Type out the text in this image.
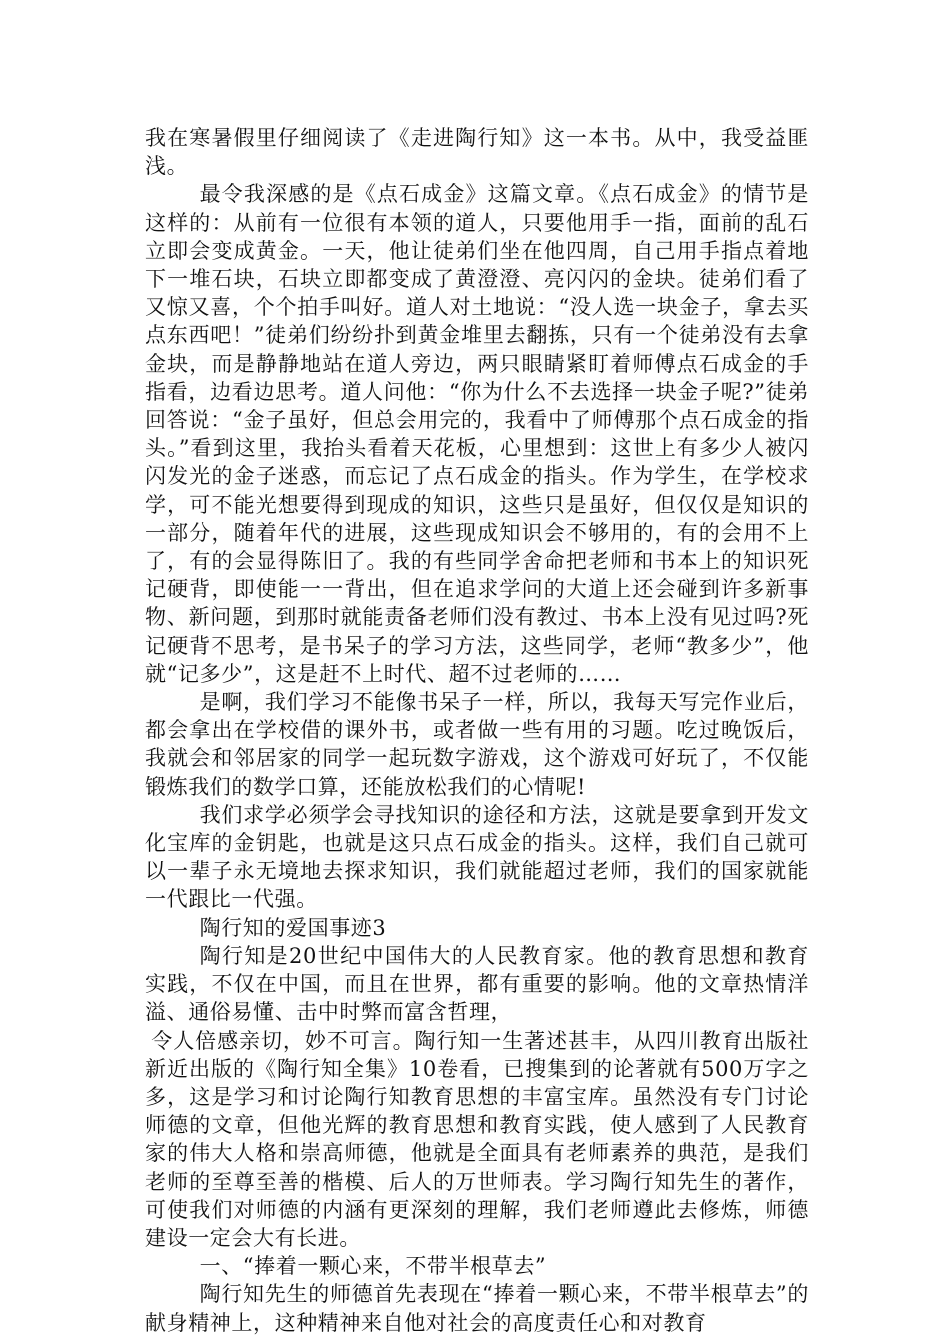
我在寒暑假里仔细阅读了《走进陶行知》这一本书。从中，我受益匪浅。

最令我深感的是《点石成金》这篇文章。《点石成金》的情节是这样的：从前有一位很有本领的道人，只要他用手一指，面前的乱石立即会变成黄金。一天，他让徒弟们坐在他四周，自己用手指点着地下一堆石块，石块立即都变成了黄澄澄、亮闪闪的金块。徒弟们看了又惊又喜，个个拍手叫好。道人对土地说：“没人选一块金子，拿去买点东西吧！”徒弟们纷纷扑到黄金堆里去翻拣，只有一个徒弟没有去拿金块，而是静静地站在道人旁边，两只眼睛紧盯着师傅点石成金的手指看，边看边思考。道人问他：“你为什么不去选择一块金子呢?”徒弟回答说：“金子虽好，但总会用完的，我看中了师傅那个点石成金的指头。”看到这里，我抬头看着天花板，心里想到：这世上有多少人被闪闪发光的金子迷惑，而忘记了点石成金的指头。作为学生，在学校求学，可不能光想要得到现成的知识，这些只是虽好，但仅仅是知识的一部分，随着年代的进展，这些现成知识会不够用的，有的会用不上了，有的会显得陈旧了。我的有些同学舍命把老师和书本上的知识死记硬背，即使能一一背出，但在追求学问的大道上还会碰到许多新事物、新问题，到那时就能责备老师们没有教过、书本上没有见过吗?死记硬背不思考，是书呆子的学习方法，这些同学，老师“教多少”，他就“记多少”，这是赶不上时代、超不过老师的……

是啊，我们学习不能像书呆子一样，所以，我每天写完作业后，都会拿出在学校借的课外书，或者做一些有用的习题。吃过晚饭后，我就会和邻居家的同学一起玩数字游戏，这个游戏可好玩了，不仅能锻炼我们的数学口算，还能放松我们的心情呢!

我们求学必须学会寻找知识的途径和方法，这就是要拿到开发文化宝库的金钥匙，也就是这只点石成金的指头。这样，我们自己就可以一辈子永无境地去探求知识，我们就能超过老师，我们的国家就能一代跟比一代强。

陶行知的爱国事迹3

陶行知是20世纪中国伟大的人民教育家。他的教育思想和教育实践，不仅在中国，而且在世界，都有重要的影响。他的文章热情洋溢、通俗易懂、击中时弊而富含哲理，

令人倍感亲切，妙不可言。陶行知一生著述甚丰，从四川教育出版社新近出版的《陶行知全集》10卷看，已搜集到的论著就有500万字之多，这是学习和讨论陶行知教育思想的丰富宝库。虽然没有专门讨论师德的文章，但他光辉的教育思想和教育实践，使人感到了人民教育家的伟大人格和崇高师德，他就是全面具有老师素养的典范，是我们老师的至尊至善的楷模、后人的万世师表。学习陶行知先生的著作，可使我们对师德的内涵有更深刻的理解，我们老师遵此去修炼，师德建设一定会大有长进。

一、“捧着一颗心来，不带半根草去”

陶行知先生的师德首先表现在“捧着一颗心来，不带半根草去”的献身精神上，这种精神来自他对社会的高度责任心和对教育
